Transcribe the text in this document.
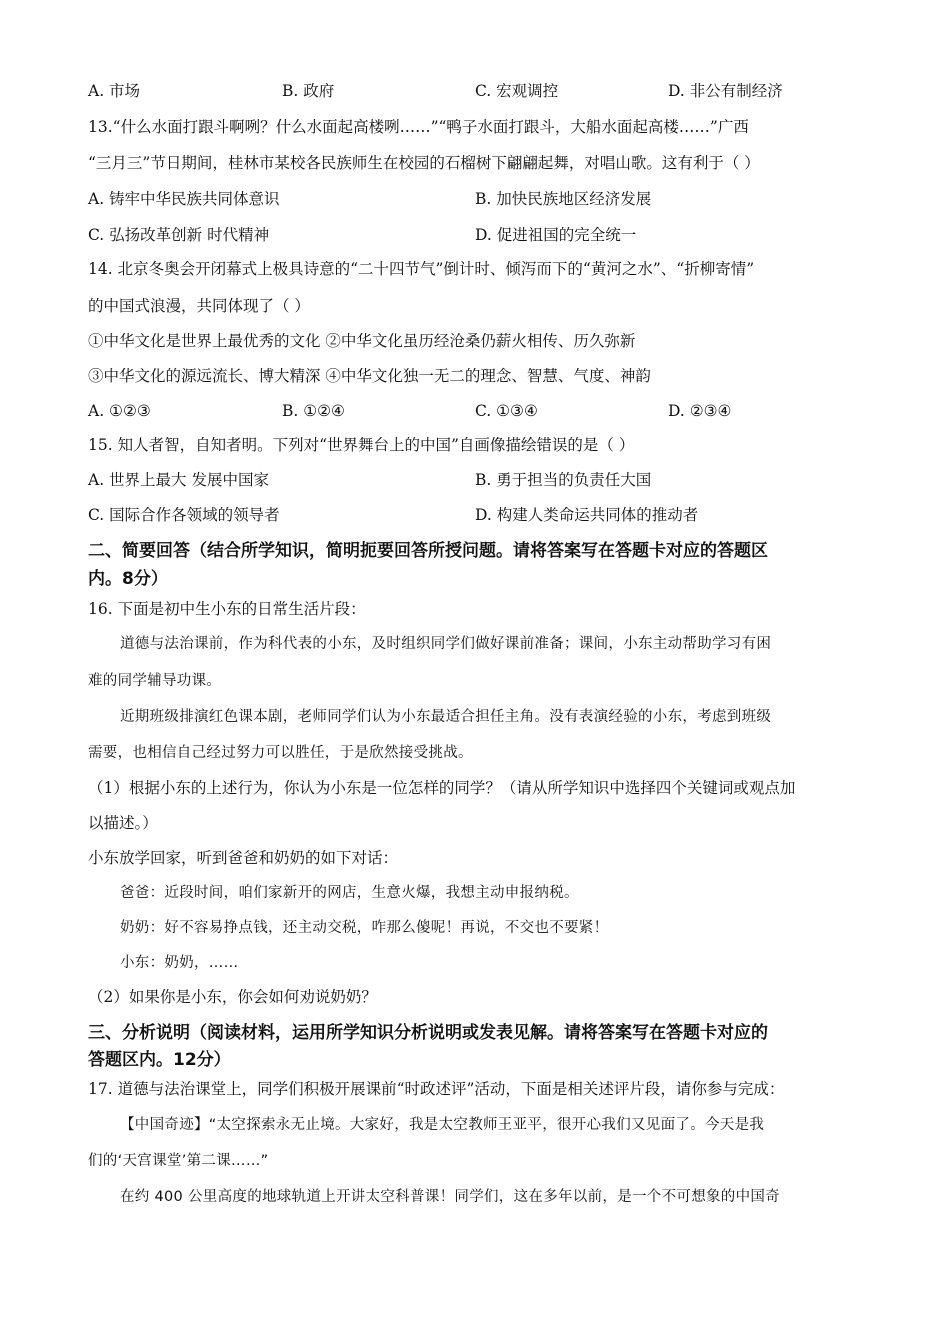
A. 市场	B. 政府	C. 宏观调控	D. 非公有制经济
13.“什么水面打跟斗啊咧？什么水面起高楼咧……”“鸭子水面打跟斗，大船水面起高楼……”广西
“三月三”节日期间，桂林市某校各民族师生在校园的石榴树下翩翩起舞，对唱山歌。这有利于（ ）
A. 铸牢中华民族共同体意识	B. 加快民族地区经济发展
C. 弘扬改革创新 时代精神	D. 促进祖国的完全统一
14. 北京冬奥会开闭幕式上极具诗意的“二十四节气”倒计时、倾泻而下的“黄河之水”、“折柳寄情”
的中国式浪漫，共同体现了（ ）
①中华文化是世界上最优秀的文化 ②中华文化虽历经沧桑仍薪火相传、历久弥新
③中华文化的源远流长、博大精深 ④中华文化独一无二的理念、智慧、气度、神韵
A. ①②③	B. ①②④	C. ①③④	D. ②③④
15. 知人者智，自知者明。下列对“世界舞台上的中国”自画像描绘错误的是（ ）
A. 世界上最大 发展中国家	B. 勇于担当的负责任大国
C. 国际合作各领域的领导者	D. 构建人类命运共同体的推动者
二、简要回答（结合所学知识，简明扼要回答所授问题。请将答案写在答题卡对应的答题区
内。8分）
16. 下面是初中生小东的日常生活片段：
道德与法治课前，作为科代表的小东，及时组织同学们做好课前准备；课间，小东主动帮助学习有困
难的同学辅导功课。
近期班级排演红色课本剧，老师同学们认为小东最适合担任主角。没有表演经验的小东，考虑到班级
需要，也相信自己经过努力可以胜任，于是欣然接受挑战。
（1）根据小东的上述行为，你认为小东是一位怎样的同学？（请从所学知识中选择四个关键词或观点加
以描述。）
小东放学回家，听到爸爸和奶奶的如下对话：
爸爸：近段时间，咱们家新开的网店，生意火爆，我想主动申报纳税。
奶奶：好不容易挣点钱，还主动交税，咋那么傻呢！再说，不交也不要紧！
小东：奶奶，……
（2）如果你是小东，你会如何劝说奶奶？
三、分析说明（阅读材料，运用所学知识分析说明或发表见解。请将答案写在答题卡对应的
答题区内。12分）
17. 道德与法治课堂上，同学们积极开展课前“时政述评”活动，下面是相关述评片段，请你参与完成：
【中国奇迹】“太空探索永无止境。大家好，我是太空教师王亚平，很开心我们又见面了。今天是我
们的‘天宫课堂’第二课……”
在约 400 公里高度的地球轨道上开讲太空科普课！同学们，这在多年以前，是一个不可想象的中国奇
